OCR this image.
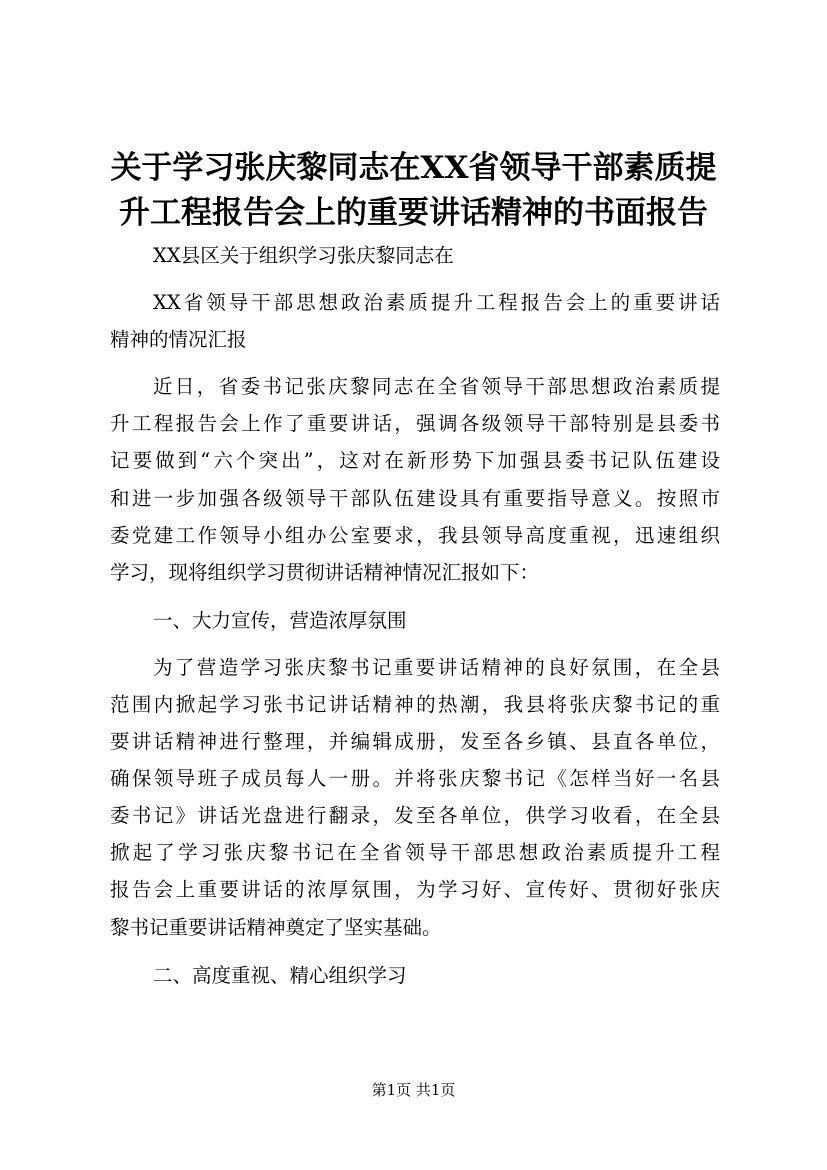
关于学习张庆黎同志在XX省领导干部素质提
升工程报告会上的重要讲话精神的书面报告
XX县区关于组织学习张庆黎同志在
XX省领导干部思想政治素质提升工程报告会上的重要讲话
精神的情况汇报
近日，省委书记张庆黎同志在全省领导干部思想政治素质提
升工程报告会上作了重要讲话，强调各级领导干部特别是县委书
记要做到“六个突出”，这对在新形势下加强县委书记队伍建设
和进一步加强各级领导干部队伍建设具有重要指导意义。按照市
委党建工作领导小组办公室要求，我县领导高度重视，迅速组织
学习，现将组织学习贯彻讲话精神情况汇报如下：
一、大力宣传，营造浓厚氛围
为了营造学习张庆黎书记重要讲话精神的良好氛围，在全县
范围内掀起学习张书记讲话精神的热潮，我县将张庆黎书记的重
要讲话精神进行整理，并编辑成册，发至各乡镇、县直各单位，
确保领导班子成员每人一册。并将张庆黎书记《怎样当好一名县
委书记》讲话光盘进行翻录，发至各单位，供学习收看，在全县
掀起了学习张庆黎书记在全省领导干部思想政治素质提升工程
报告会上重要讲话的浓厚氛围，为学习好、宣传好、贯彻好张庆
黎书记重要讲话精神奠定了坚实基础。
二、高度重视、精心组织学习
第1页 共1页
